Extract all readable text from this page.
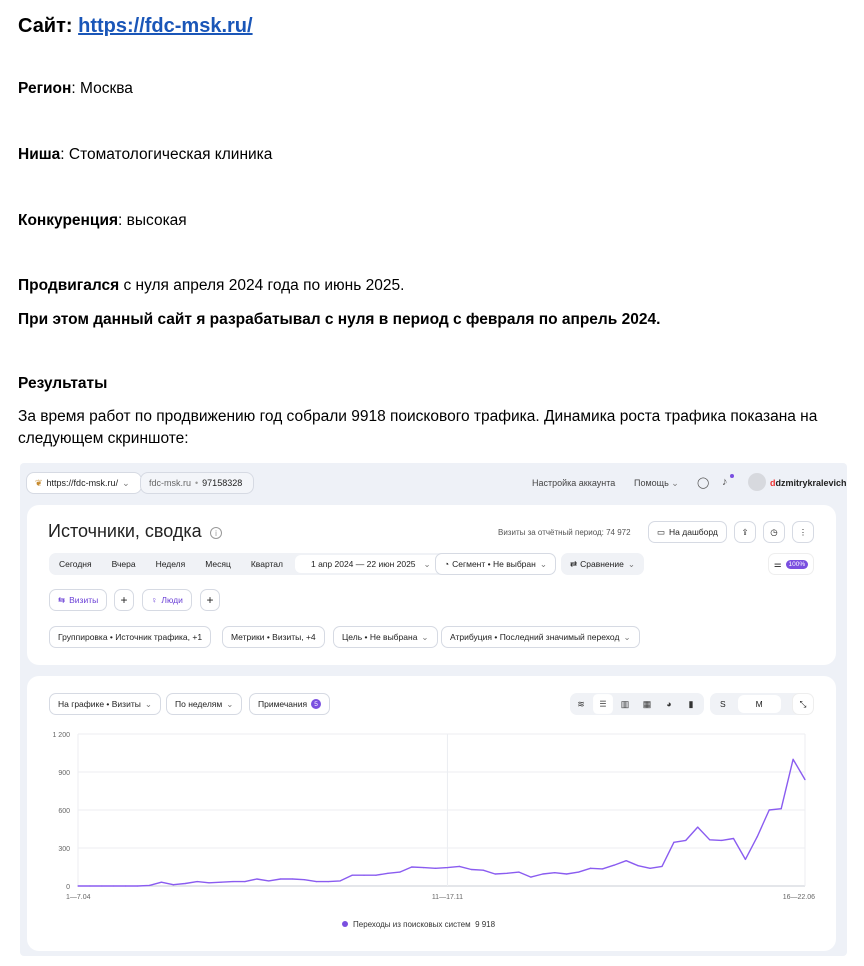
Сайт: https://fdc-msk.ru/
Регион: Москва
Ниша: Стоматологическая клиника
Конкуренция: высокая
Продвигался с нуля апреля 2024 года по июнь 2025.
При этом данный сайт я разрабатывал с нуля в период с февраля по апрель 2024.
Результаты
За время работ по продвижению год собрали 9918 поискового трафика. Динамика роста трафика показана на
следующем скриншоте:
❦ https://fdc-msk.ru/ ⌄ fdc-msk.ru • 97158328	Настройка аккаунта Помощь ⌄ ◯ ♪	ddzmitrykralevich
Источники, сводка	i	Визиты за отчётный период: 74 972	▭ На дашборд	⇪	◷ ⋮
Сегодня	Вчера	Неделя	Месяц	Квартал	1 апр 2024 — 22 июн 2025 ⌄	◔ Сегмент • Не выбран ⌄	⇄ Сравнение ⌄	⚌	100%
⇆ Визиты +	♀ Люди +
Группировка • Источник трафика, +1	Метрики • Визиты, +4	Цель • Не выбрана ⌄	Атрибуция • Последний значимый переход ⌄
На графике • Визиты ⌄	По неделям ⌄	Примечания	5	≋	☰	▥	▦	◕	▮	S	M	⤡
0
300
600
900
1 200
1—7.04	11—17.11	16—22.06
Переходы из поисковых систем 9 918
